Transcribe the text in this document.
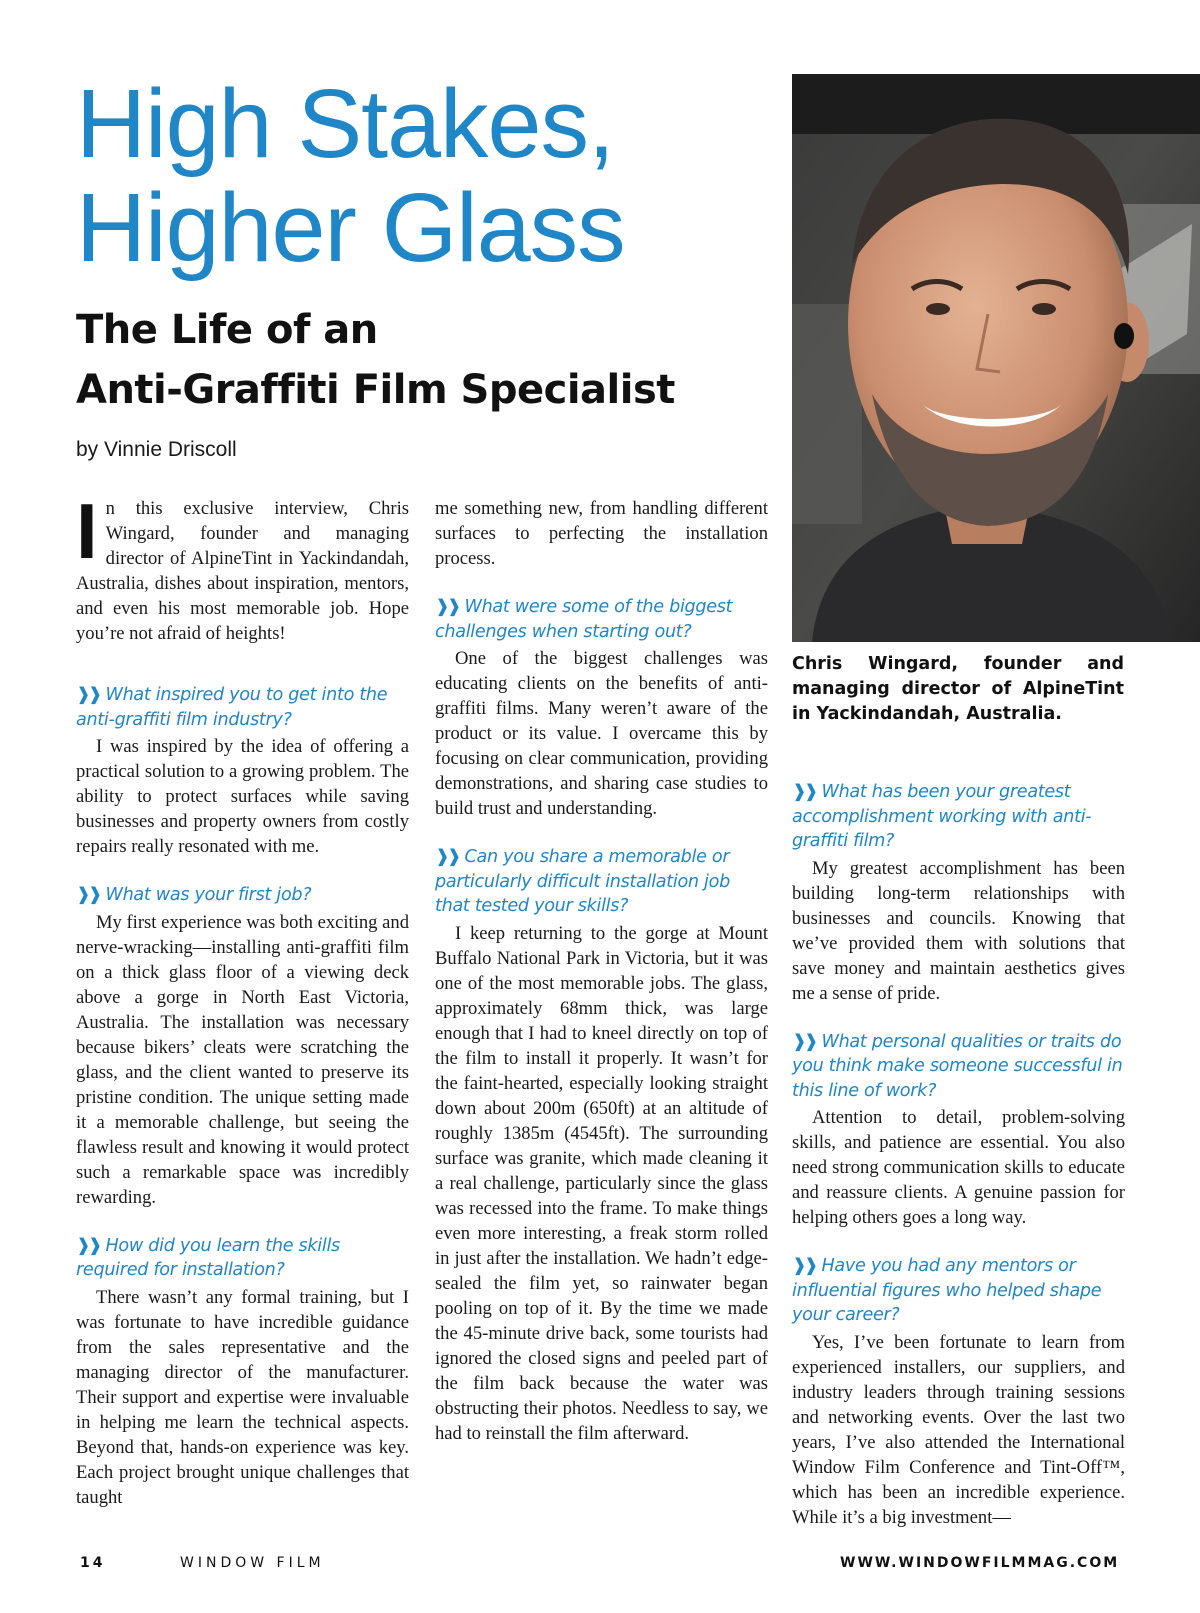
High Stakes,
Higher Glass
The Life of an
Anti-Graffiti Film Specialist

by Vinnie Driscoll

Chris Wingard, founder and managing director of AlpineTint in Yackindandah, Australia.

In this exclusive interview, Chris Wingard, founder and managing director of AlpineTint in Yackindandah, Australia, dishes about inspiration, mentors, and even his most memorable job. Hope you’re not afraid of heights!

❱❱ What inspired you to get into the anti-graffiti film industry?

I was inspired by the idea of offering a practical solution to a growing problem. The ability to protect surfaces while saving businesses and property owners from costly repairs really resonated with me.

❱❱ What was your first job?

My first experience was both exciting and nerve-wracking—installing anti-graffiti film on a thick glass floor of a viewing deck above a gorge in North East Victoria, Australia. The installation was necessary because bikers’ cleats were scratching the glass, and the client wanted to preserve its pristine condition. The unique setting made it a memorable challenge, but seeing the flawless result and knowing it would protect such a remarkable space was incredibly rewarding.

❱❱ How did you learn the skills required for installation?

There wasn’t any formal training, but I was fortunate to have incredible guidance from the sales representative and the managing director of the manufacturer. Their support and expertise were invaluable in helping me learn the technical aspects. Beyond that, hands-on experience was key. Each project brought unique challenges that taught

me something new, from handling different surfaces to perfecting the installation process.

❱❱ What were some of the biggest challenges when starting out?

One of the biggest challenges was educating clients on the benefits of anti-graffiti films. Many weren’t aware of the product or its value. I overcame this by focusing on clear communication, providing demonstrations, and sharing case studies to build trust and understanding.

❱❱ Can you share a memorable or particularly difficult installation job that tested your skills?

I keep returning to the gorge at Mount Buffalo National Park in Victoria, but it was one of the most memorable jobs. The glass, approximately 68mm thick, was large enough that I had to kneel directly on top of the film to install it properly. It wasn’t for the faint-hearted, especially looking straight down about 200m (650ft) at an altitude of roughly 1385m (4545ft). The surrounding surface was granite, which made cleaning it a real challenge, particularly since the glass was recessed into the frame. To make things even more interesting, a freak storm rolled in just after the installation. We hadn’t edge-sealed the film yet, so rainwater began pooling on top of it. By the time we made the 45-minute drive back, some tourists had ignored the closed signs and peeled part of the film back because the water was obstructing their photos. Needless to say, we had to reinstall the film afterward.

❱❱ What has been your greatest accomplishment working with anti-graffiti film?

My greatest accomplishment has been building long-term relationships with businesses and councils. Knowing that we’ve provided them with solutions that save money and maintain aesthetics gives me a sense of pride.

❱❱ What personal qualities or traits do you think make someone successful in this line of work?

Attention to detail, problem-solving skills, and patience are essential. You also need strong communication skills to educate and reassure clients. A genuine passion for helping others goes a long way.

❱❱ Have you had any mentors or influential figures who helped shape your career?

Yes, I’ve been fortunate to learn from experienced installers, our suppliers, and industry leaders through training sessions and networking events. Over the last two years, I’ve also attended the International Window Film Conference and Tint-Off™, which has been an incredible experience. While it’s a big investment—

14	WINDOW FILM	WWW.WINDOWFILMMAG.COM
